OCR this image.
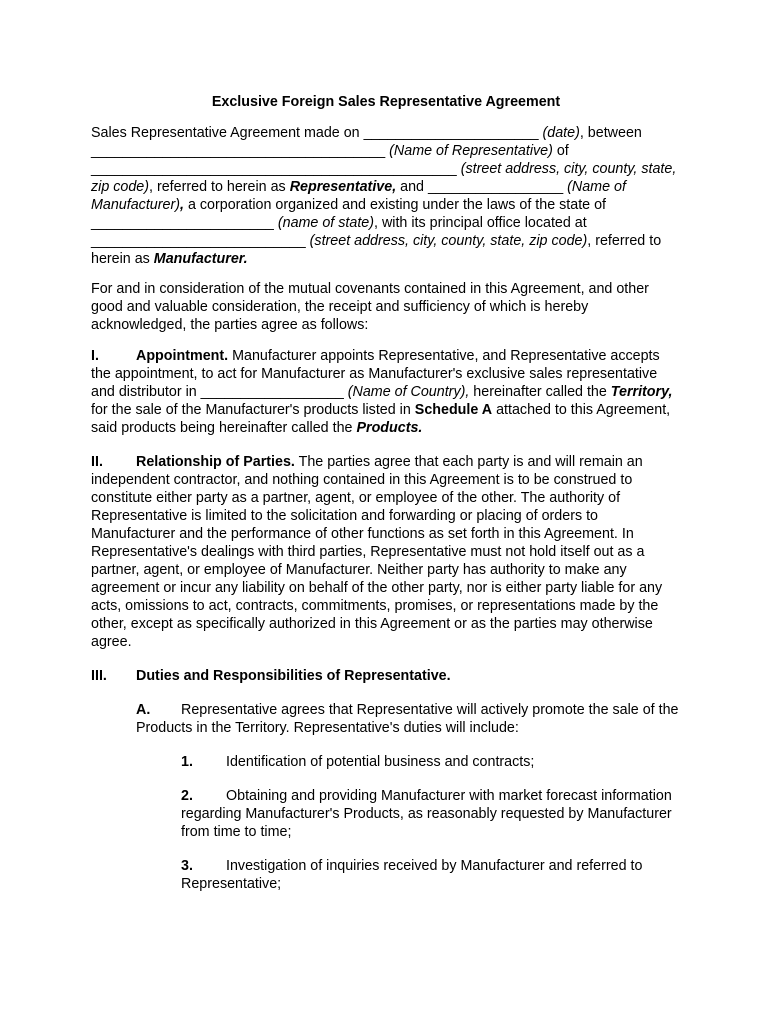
Exclusive Foreign Sales Representative Agreement

Sales Representative Agreement made on ______________________ (date), between _____________________________________ (Name of Representative) of ______________________________________________ (street address, city, county, state, zip code), referred to herein as Representative, and _________________ (Name of Manufacturer), a corporation organized and existing under the laws of the state of _______________________ (name of state), with its principal office located at ___________________________ (street address, city, county, state, zip code), referred to herein as Manufacturer.

For and in consideration of the mutual covenants contained in this Agreement, and other good and valuable consideration, the receipt and sufficiency of which is hereby acknowledged, the parties agree as follows:

I.	Appointment. Manufacturer appoints Representative, and Representative accepts the appointment, to act for Manufacturer as Manufacturer's exclusive sales representative and distributor in __________________ (Name of Country), hereinafter called the Territory, for the sale of the Manufacturer's products listed in Schedule A attached to this Agreement, said products being hereinafter called the Products.

II. Relationship of Parties. The parties agree that each party is and will remain an independent contractor, and nothing contained in this Agreement is to be construed to constitute either party as a partner, agent, or employee of the other. The authority of Representative is limited to the solicitation and forwarding or placing of orders to Manufacturer and the performance of other functions as set forth in this Agreement. In Representative's dealings with third parties, Representative must not hold itself out as a partner, agent, or employee of Manufacturer. Neither party has authority to make any agreement or incur any liability on behalf of the other party, nor is either party liable for any acts, omissions to act, contracts, commitments, promises, or representations made by the other, except as specifically authorized in this Agreement or as the parties may otherwise agree.

III. Duties and Responsibilities of Representative.

A. Representative agrees that Representative will actively promote the sale of the Products in the Territory. Representative's duties will include:

1. Identification of potential business and contracts;

2. Obtaining and providing Manufacturer with market forecast information regarding Manufacturer's Products, as reasonably requested by Manufacturer from time to time;

3. Investigation of inquiries received by Manufacturer and referred to Representative;
